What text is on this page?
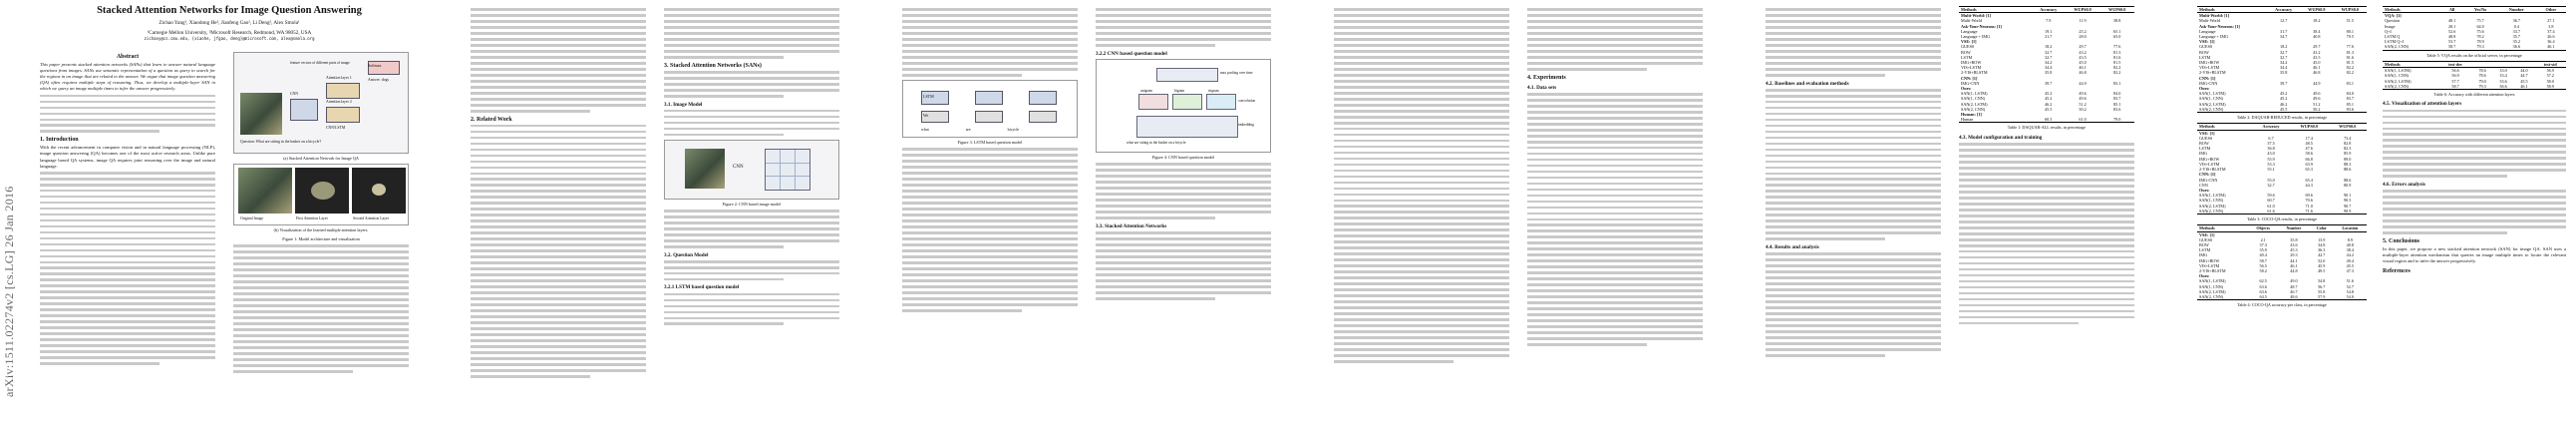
arXiv:1511.02274v2 [cs.LG] 26 Jan 2016
Stacked Attention Networks for Image Question Answering
Zichao Yang¹, Xiaodong He², Jianfeng Gao², Li Deng², Alex Smola¹
¹Carnegie Mellon University, ²Microsoft Research, Redmond, WA 98052, USA
zichaoy@cs.cmu.edu, {xiaohe, jfgao, deng}@microsoft.com, alex@smola.org
Abstract

This paper presents stacked attention networks (SANs) that learn to answer natural language questions from images. SANs use semantic representation of a question as query to search for the regions in an image that are related to the answer. We argue that image question answering (QA) often requires multiple steps of reasoning. Thus, we develop a multiple-layer SAN in which we query an image multiple times to infer the answer progressively.

1. Introduction

With the recent advancement in computer vision and in natural language processing (NLP), image question answering (QA) becomes one of the most active research areas. Unlike pure language based QA systems, image QA requires joint reasoning over the image and natural language.

Softmax
Attention layer 1
Attention layer 2
CNN
CNN/LSTM
feature vectors of different parts of image
Question: What are sitting in the basket on a bicycle?
Answer: dogs
(a) Stacked Attention Network for Image QA
Original Image	First Attention Layer	Second Attention Layer
(b) Visualization of the learned multiple attention layers.
Figure 1: Model architecture and visualization
2. Related Work
3. Stacked Attention Networks (SANs)
3.1. Image Model
CNN
Figure 2: CNN based image model
3.2. Question Model
3.2.1 LSTM based question model
LSTM
We
what are bicycle
Figure 3: LSTM based question model
3.2.2 CNN based question model
unigram	bigram	trigram
max pooling over time
convolution
embedding
what are sitting in the basket on a bicycle
Figure 4: CNN based question model
3.3. Stacked Attention Networks
4. Experiments
4.1. Data sets
4.2. Baselines and evaluation methods
4.4. Results and analysis
Methods	Accuracy	WUPS0.9	WUPS0.0
Multi-World: [1]			
Multi-World	7.9	11.9	38.8
Ask-Your-Neurons: [1]			
Language	19.1	25.2	65.1
Language + IMG	21.7	28.0	65.0
VSE: [1]			
GUESS	18.2	29.7	77.6
BOW	32.7	43.2	81.3
LSTM	32.7	43.5	81.6
IMG+BOW	34.2	45.0	81.5
VIS+LSTM	34.4	46.1	82.2
2-VIS+BLSTM	35.8	46.8	82.2
CNN: [1]			
IMG-CNN	39.7	44.9	83.1
Ours:			
SAN(1, LSTM)	45.2	49.6	84.0
SAN(1, CNN)	45.2	49.6	83.7
SAN(2, LSTM)	46.2	51.2	85.1
SAN(2, CNN)	45.5	50.2	83.6
Human: [1]			
Human	60.3	61.0	79.0
Table 1: DAQUAR-ALL results, in percentage
4.3. Model configuration and training
Methods	Accuracy	WUPS0.9	WUPS0.0
Multi-World: [1]			
Multi-World	12.7	18.2	51.5
Ask-Your-Neurons: [1]			
Language	31.7	38.4	80.1
Language + IMG	34.7	40.8	79.5
VSE: [1]			
GUESS	18.2	29.7	77.6
BOW	32.7	43.2	81.3
LSTM	32.7	43.5	81.6
IMG+BOW	34.2	45.0	81.5
VIS+LSTM	34.4	46.1	82.2
2-VIS+BLSTM	35.8	46.8	82.2
CNN: [1]			
IMG-CNN	39.7	44.9	83.1
Ours:			
SAN(1, LSTM)	45.2	49.6	84.0
SAN(1, CNN)	45.2	49.6	83.7
SAN(2, LSTM)	46.2	51.2	85.1
SAN(2, CNN)	45.5	50.2	83.6
Table 2: DAQUAR-REDUCED results, in percentage
Methods	Accuracy	WUPS0.9	WUPS0.0
VSE: [1]			
GUESS	6.7	17.4	73.4
BOW	37.5	48.5	82.8
LSTM	36.8	47.6	82.3
IMG	43.0	58.6	85.9
IMG+BOW	55.9	66.8	89.0
VIS+LSTM	53.3	63.9	88.3
2-VIS+BLSTM	55.1	65.3	88.6
CNN: [1]			
IMG-CNN	55.0	65.4	88.6
CNN	32.7	44.3	80.9
Ours:			
SAN(1, LSTM)	59.6	69.6	90.1
SAN(1, CNN)	60.7	70.6	90.5
SAN(2, LSTM)	61.0	71.0	90.7
SAN(2, CNN)	61.6	71.6	90.9
Table 3: COCO-QA results, in percentage
Methods	Objects	Number	Color	Location
VSE: [1]				
GUESS	2.1	35.8	13.9	8.9
BOW	37.3	43.6	34.8	40.8
LSTM	35.9	45.3	36.3	38.4
IMG	40.4	29.3	42.7	44.2
IMG+BOW	58.7	44.1	52.0	49.4
VIS+LSTM	56.5	46.1	45.9	45.5
2-VIS+BLSTM	58.2	44.8	49.5	47.3
Ours:				
SAN(1, LSTM)	62.5	49.0	54.8	51.6
SAN(1, CNN)	63.6	48.7	56.7	52.7
SAN(2, LSTM)	63.6	46.7	55.8	54.8
SAN(2, CNN)	64.5	48.6	57.9	54.0
Table 4: COCO-QA accuracy per class, in percentage
Methods	All	Yes/No	Number	Other
VQA: [1]				
Question	48.1	75.7	36.7	27.1
Image	28.1	64.0	0.4	3.8
Q+I	52.6	75.6	33.7	37.4
LSTM Q	48.8	78.2	35.7	26.6
LSTM Q+I	53.7	78.9	35.2	36.4
SAN(2, CNN)	58.7	79.3	36.6	46.1
Table 5: VQA results on the official server, in percentage
Methods	test-dev				test-std
SAN(1, LSTM)	56.6	78.6	33.0	44.0	56.9
SAN(1, CNN)	56.9	78.6	33.4	44.7	57.2
SAN(2, LSTM)	57.7	79.0	33.6	45.5	58.0
SAN(2, CNN)	58.7	79.3	36.6	46.1	58.9
Table 6: Accuracy with different attention layers
4.5. Visualization of attention layers
4.6. Errors analysis
5. Conclusions

In this paper, we propose a new stacked attention network (SAN) for image QA. SAN uses a multiple-layer attention mechanism that queries an image multiple times to locate the relevant visual region and to infer the answer progressively.

References
